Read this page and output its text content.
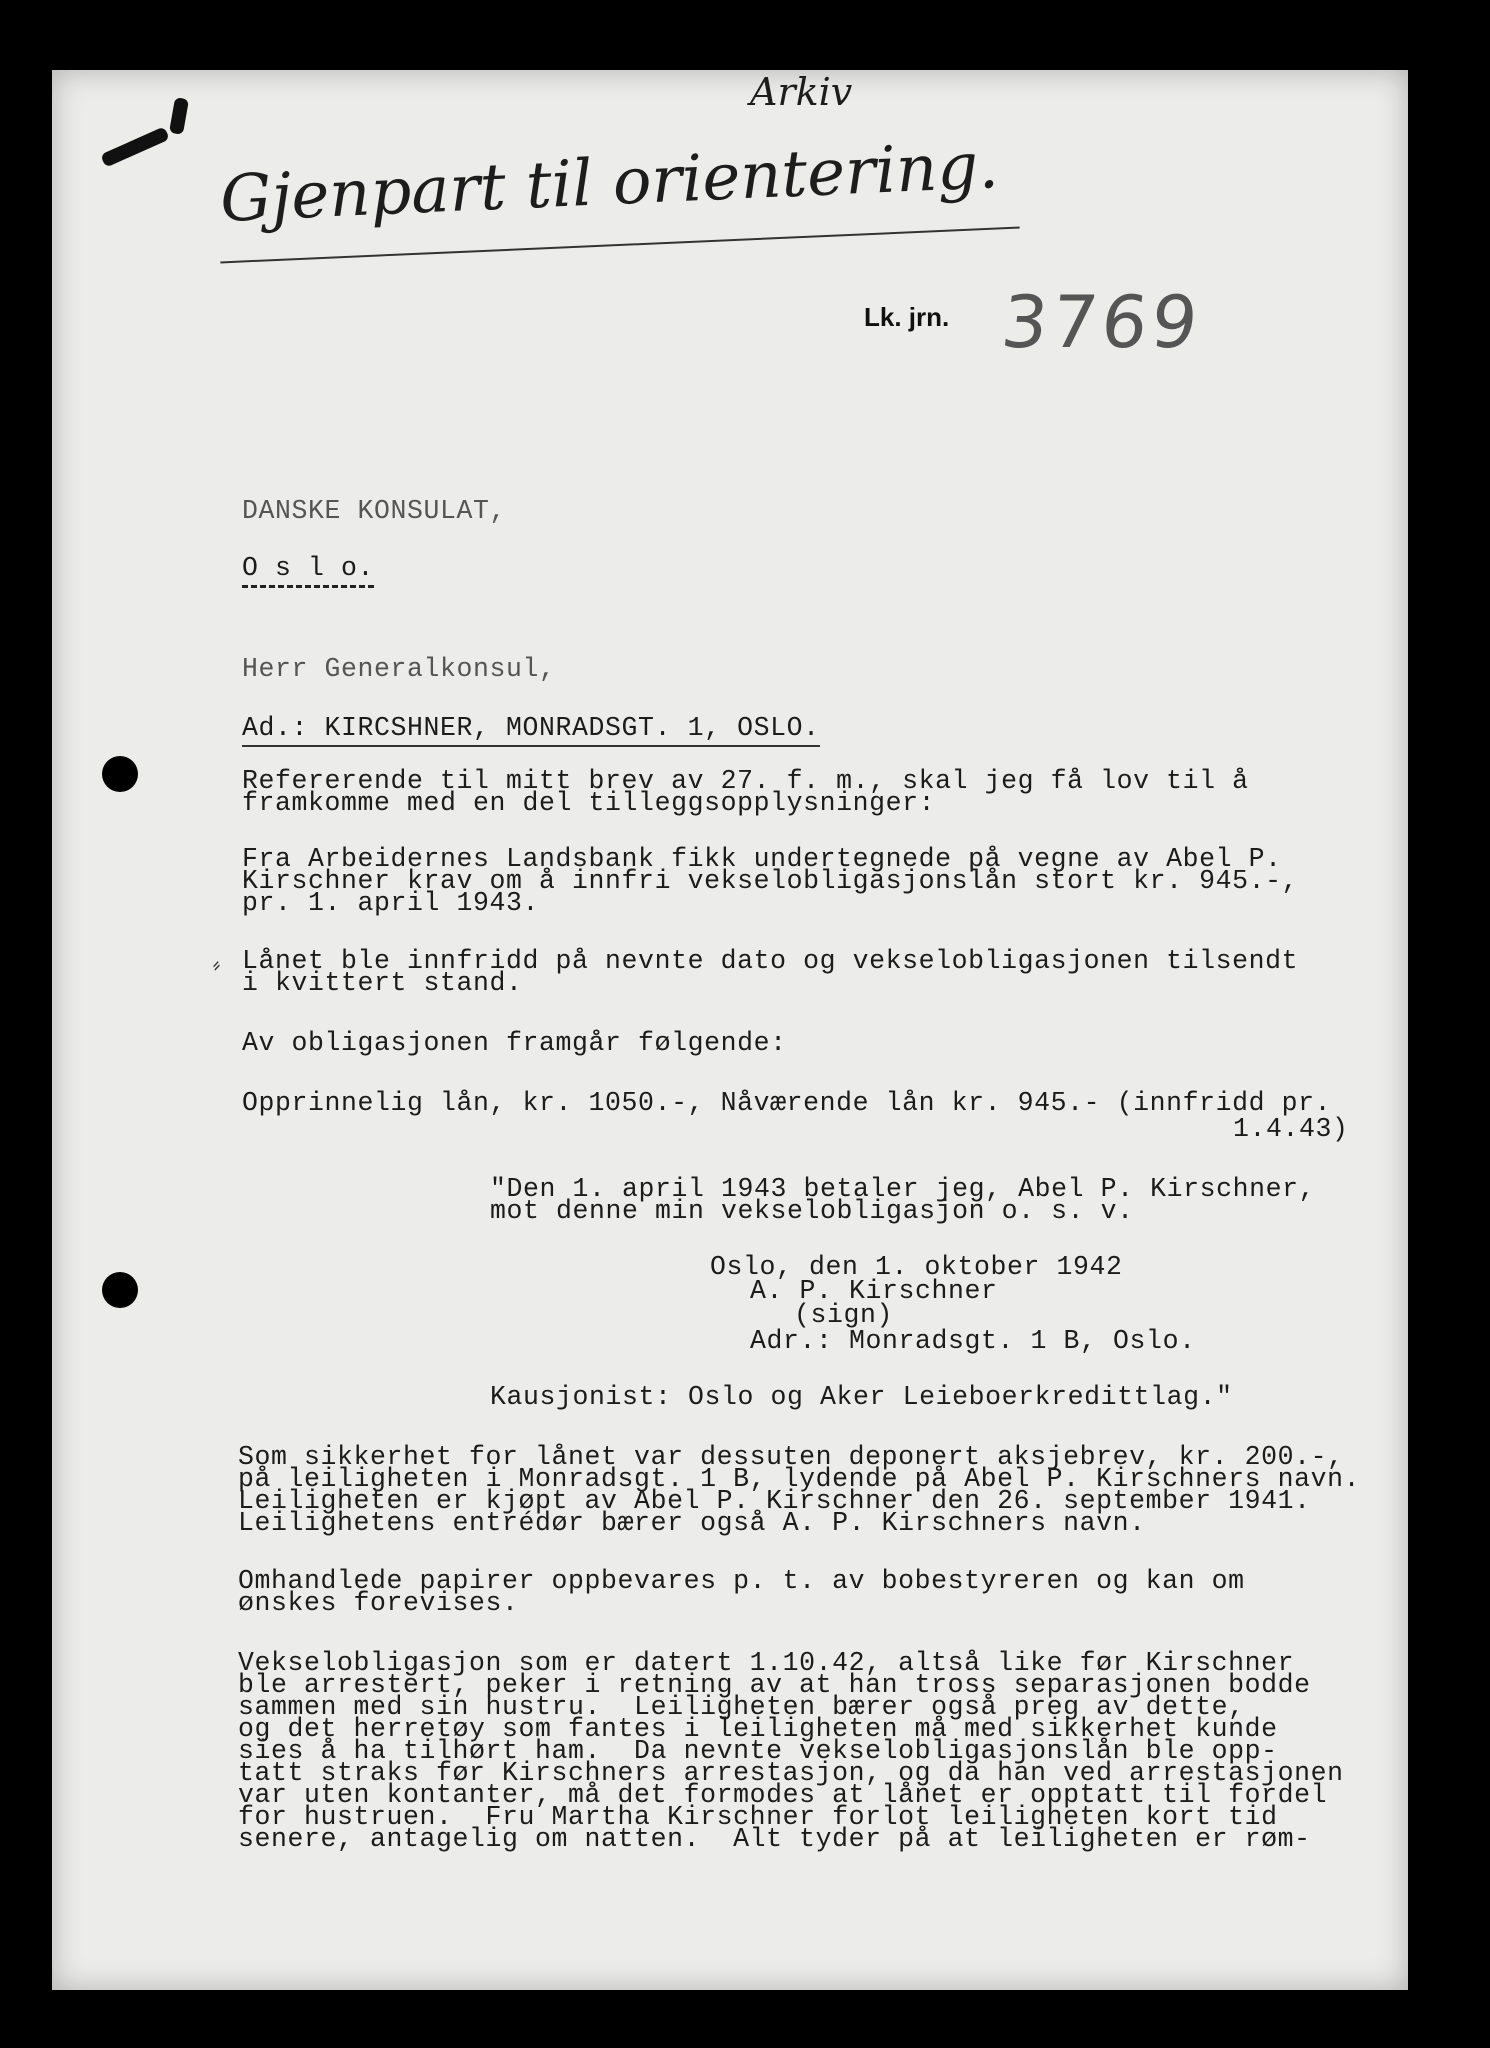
Arkiv
Gjenpart til orientering.
Lk. jrn. 3769
DANSKE KONSULAT,
O s l o.
Herr Generalkonsul,
Ad.: KIRCSHNER, MONRADSGT. 1, OSLO.
Refererende til mitt brev av 27. f. m., skal jeg få lov til å
framkomme med en del tilleggsopplysninger:
Fra Arbeidernes Landsbank fikk undertegnede på vegne av Abel P.
Kirschner krav om å innfri vekselobligasjonslån stort kr. 945.-,
pr. 1. april 1943.
Lånet ble innfridd på nevnte dato og vekselobligasjonen tilsendt
i kvittert stand.
Av obligasjonen framgår følgende:
Opprinnelig lån, kr. 1050.-, Nåværende lån kr. 945.- (innfridd pr.
1.4.43)
"Den 1. april 1943 betaler jeg, Abel P. Kirschner,
mot denne min vekselobligasjon o. s. v.
Oslo, den 1. oktober 1942
A. P. Kirschner
(sign)
Adr.: Monradsgt. 1 B, Oslo.
Kausjonist: Oslo og Aker Leieboerkredittlag."
Som sikkerhet for lånet var dessuten deponert aksjebrev, kr. 200.-,
på leiligheten i Monradsgt. 1 B, lydende på Abel P. Kirschners navn.
Leiligheten er kjøpt av Abel P. Kirschner den 26. september 1941.
Leilighetens entrédør bærer også A. P. Kirschners navn.
Omhandlede papirer oppbevares p. t. av bobestyreren og kan om
ønskes forevises.
Vekselobligasjon som er datert 1.10.42, altså like før Kirschner
ble arrestert, peker i retning av at han tross separasjonen bodde
sammen med sin hustru.  Leiligheten bærer også preg av dette,
og det herretøy som fantes i leiligheten må med sikkerhet kunde
sies å ha tilhørt ham.  Da nevnte vekselobligasjonslån ble opp-
tatt straks før Kirschners arrestasjon, og da han ved arrestasjonen
var uten kontanter, må det formodes at lånet er opptatt til fordel
for hustruen.  Fru Martha Kirschner forlot leiligheten kort tid
senere, antagelig om natten.  Alt tyder på at leiligheten er røm-
⸗
